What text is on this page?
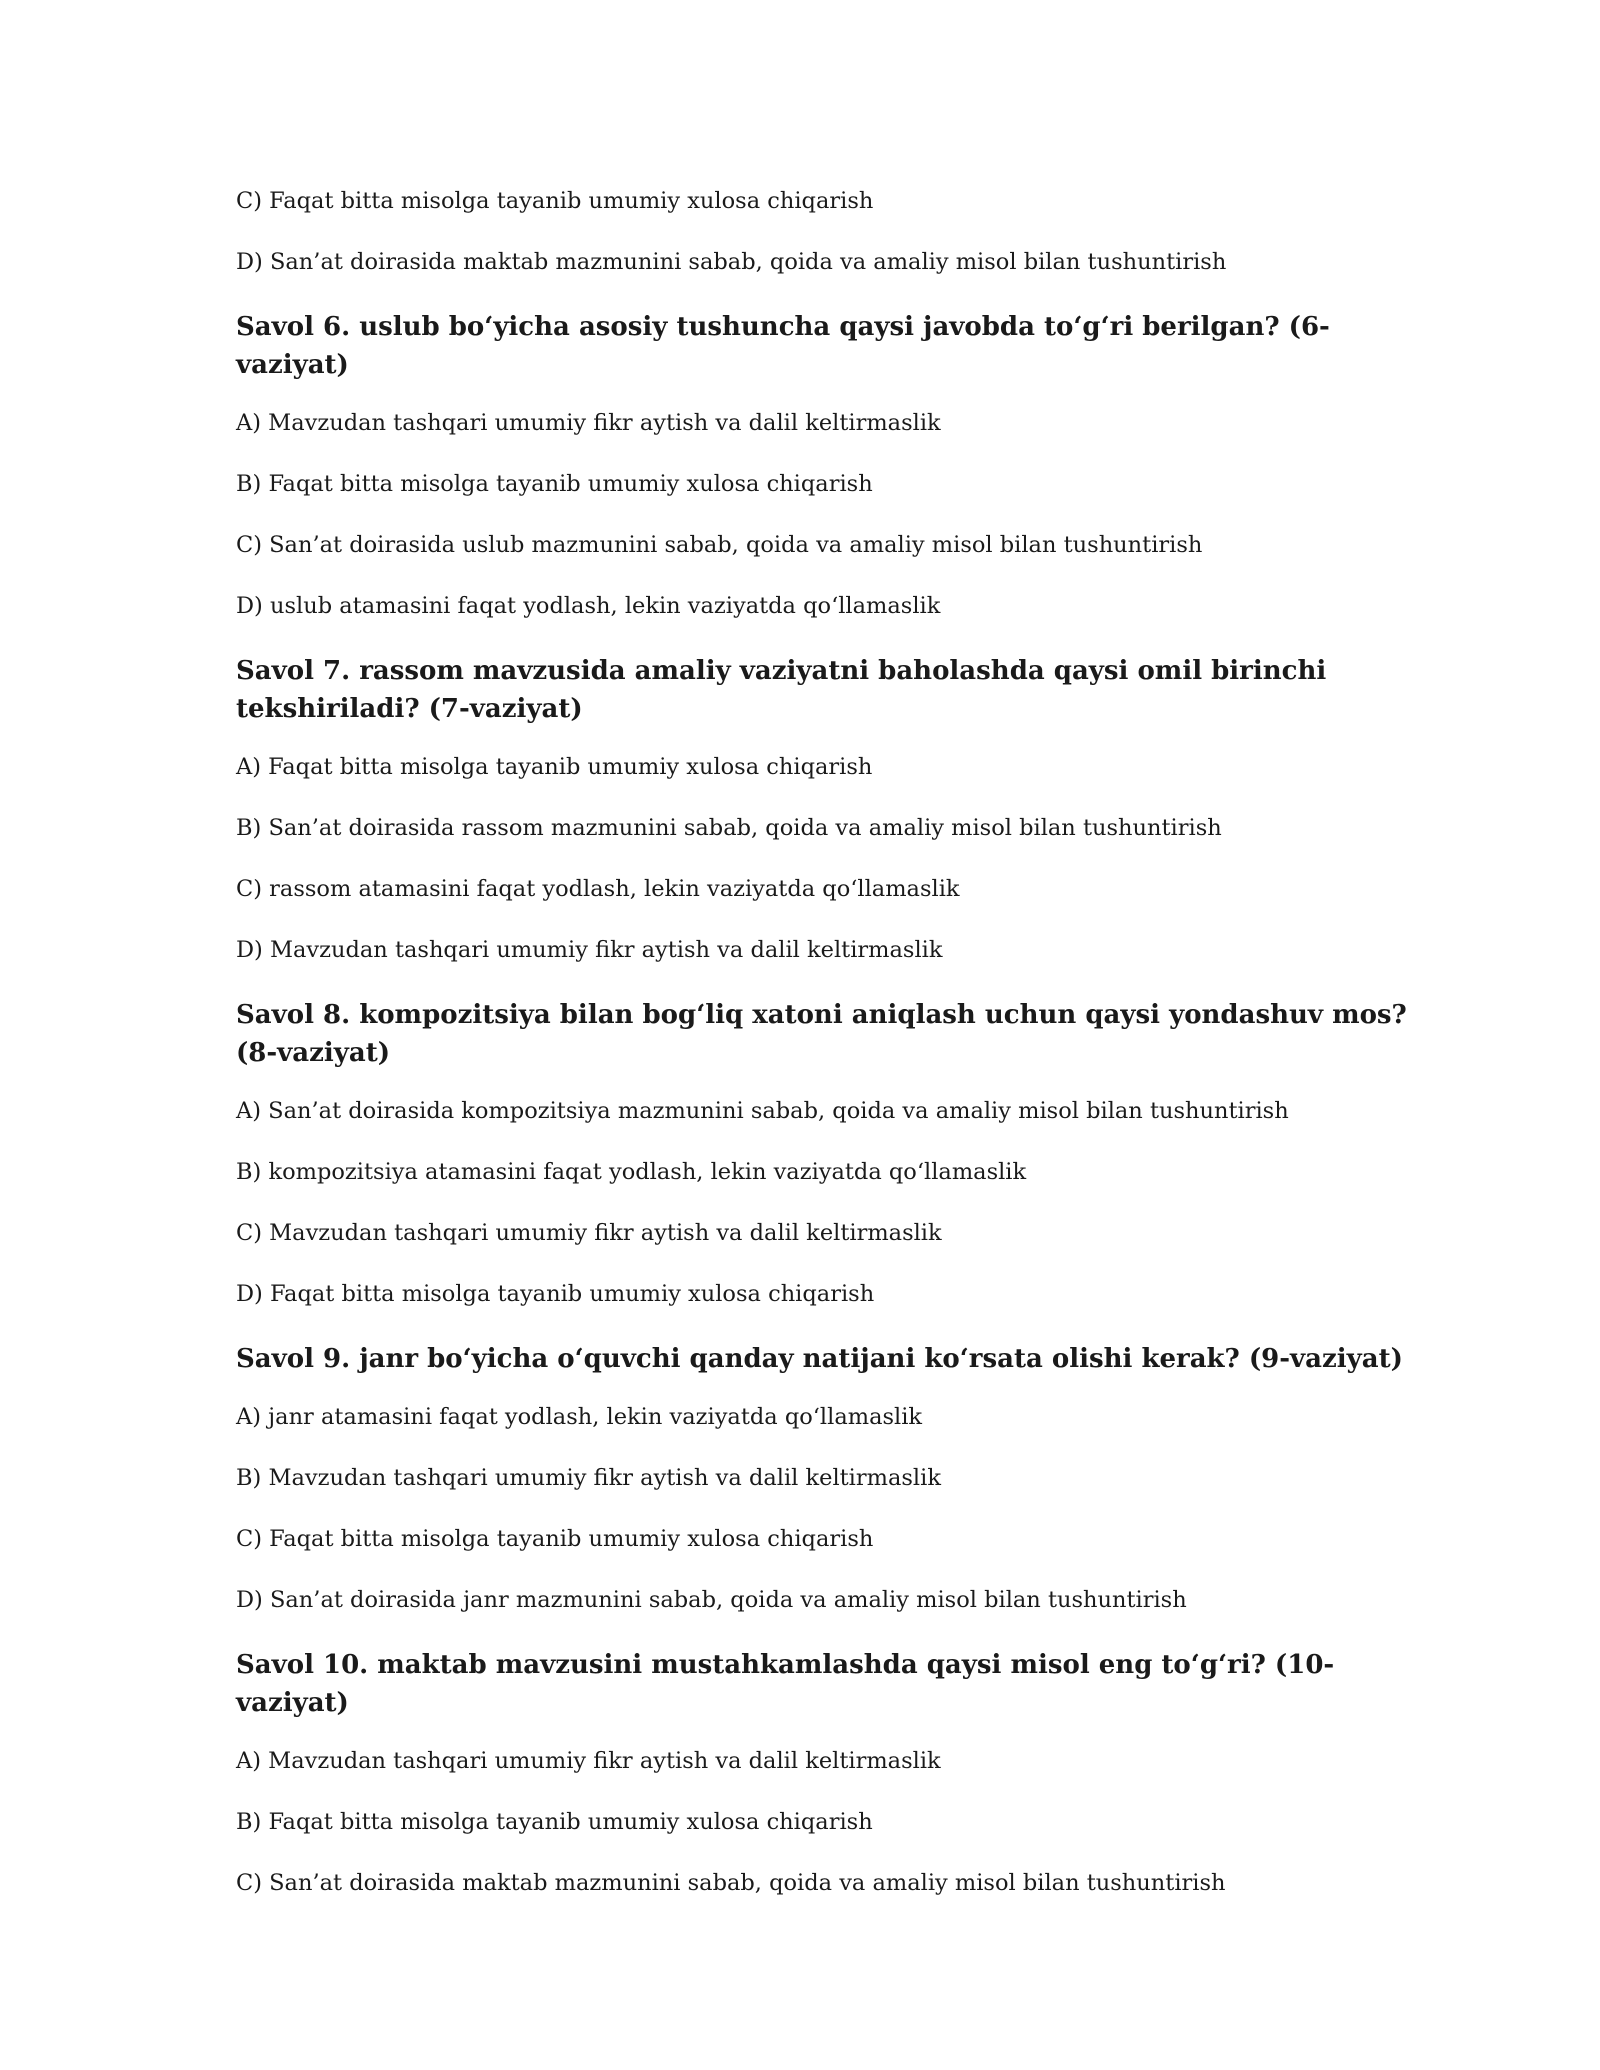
C) Faqat bitta misolga tayanib umumiy xulosa chiqarish

D) San’at doirasida maktab mazmunini sabab, qoida va amaliy misol bilan tushuntirish

Savol 6. uslub bo‘yicha asosiy tushuncha qaysi javobda to‘g‘ri berilgan? (6-vaziyat)

A) Mavzudan tashqari umumiy fikr aytish va dalil keltirmaslik

B) Faqat bitta misolga tayanib umumiy xulosa chiqarish

C) San’at doirasida uslub mazmunini sabab, qoida va amaliy misol bilan tushuntirish

D) uslub atamasini faqat yodlash, lekin vaziyatda qo‘llamaslik

Savol 7. rassom mavzusida amaliy vaziyatni baholashda qaysi omil birinchi tekshiriladi? (7-vaziyat)

A) Faqat bitta misolga tayanib umumiy xulosa chiqarish

B) San’at doirasida rassom mazmunini sabab, qoida va amaliy misol bilan tushuntirish

C) rassom atamasini faqat yodlash, lekin vaziyatda qo‘llamaslik

D) Mavzudan tashqari umumiy fikr aytish va dalil keltirmaslik

Savol 8. kompozitsiya bilan bog‘liq xatoni aniqlash uchun qaysi yondashuv mos? (8-vaziyat)

A) San’at doirasida kompozitsiya mazmunini sabab, qoida va amaliy misol bilan tushuntirish

B) kompozitsiya atamasini faqat yodlash, lekin vaziyatda qo‘llamaslik

C) Mavzudan tashqari umumiy fikr aytish va dalil keltirmaslik

D) Faqat bitta misolga tayanib umumiy xulosa chiqarish

Savol 9. janr bo‘yicha o‘quvchi qanday natijani ko‘rsata olishi kerak? (9-vaziyat)

A) janr atamasini faqat yodlash, lekin vaziyatda qo‘llamaslik

B) Mavzudan tashqari umumiy fikr aytish va dalil keltirmaslik

C) Faqat bitta misolga tayanib umumiy xulosa chiqarish

D) San’at doirasida janr mazmunini sabab, qoida va amaliy misol bilan tushuntirish

Savol 10. maktab mavzusini mustahkamlashda qaysi misol eng to‘g‘ri? (10-vaziyat)

A) Mavzudan tashqari umumiy fikr aytish va dalil keltirmaslik

B) Faqat bitta misolga tayanib umumiy xulosa chiqarish

C) San’at doirasida maktab mazmunini sabab, qoida va amaliy misol bilan tushuntirish
